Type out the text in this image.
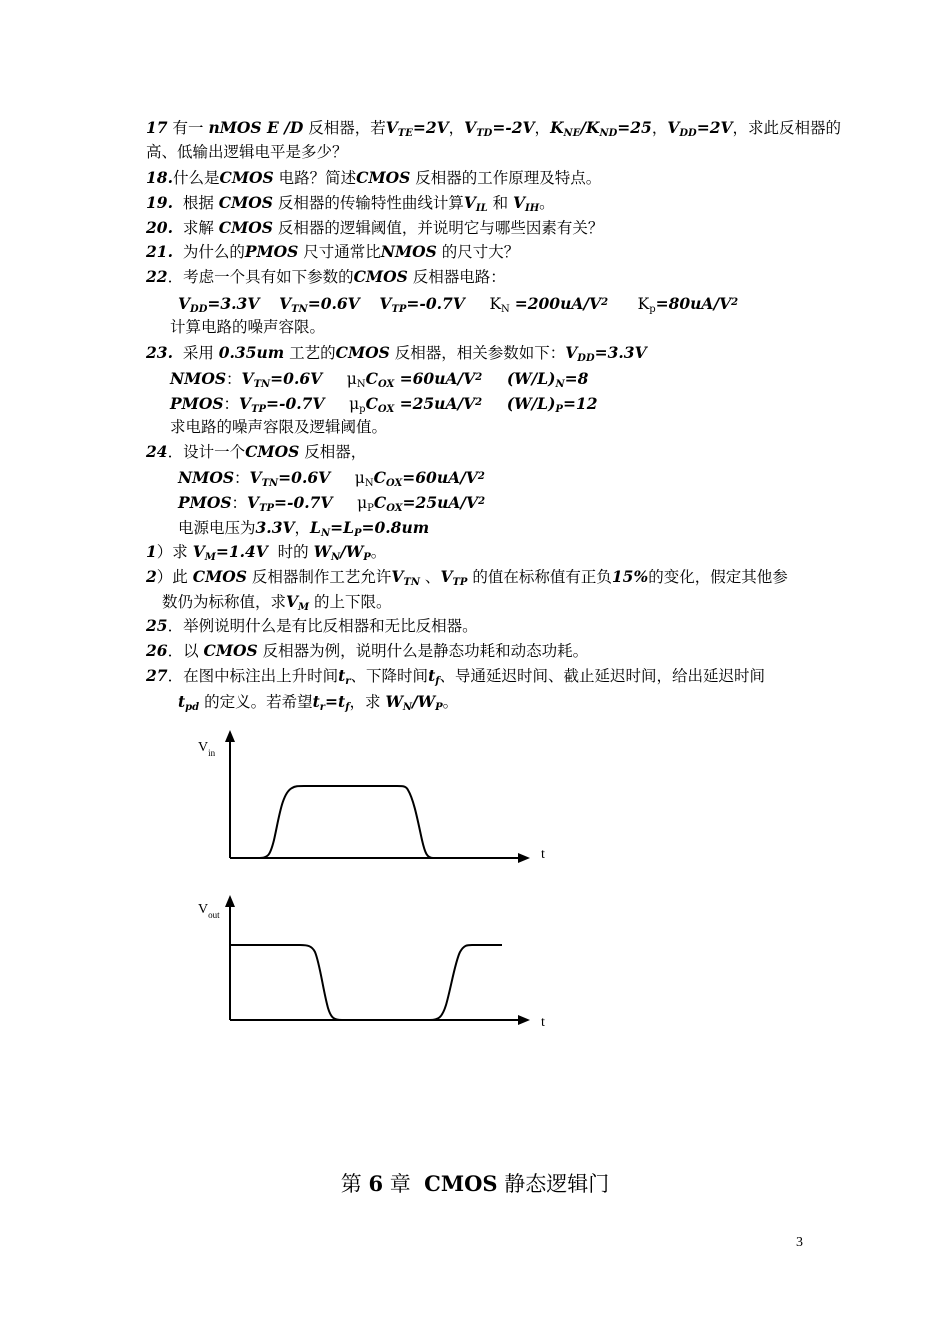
17 有一 nMOS E /D 反相器，若$V_{TE}=2V$，$V_{TD}=-2V$，$K_{NE}/K_{ND}=25$，$V_{DD}=2V$，求此反相器的
高、低输出逻辑电平是多少？
18.什么是CMOS 电路？简述CMOS 反相器的工作原理及特点。
19.  根据 CMOS 反相器的传输特性曲线计算$V_{IL}$ 和 $V_{IH}$。
20.  求解 CMOS 反相器的逻辑阈值，并说明它与哪些因素有关？
21.  为什么的PMOS 尺寸通常比NMOS 的尺寸大？
22．考虑一个具有如下参数的CMOS 反相器电路：
$V_{DD}=3.3V$ $V_{TN}=0.6V$ $V_{TP}=-0.7V$     $K_N =200uA/V^2$      $K_p=80uA/V^2$
计算电路的噪声容限。
23.  采用 0.35um 工艺的CMOS 反相器，相关参数如下：$V_{DD}=3.3V$
NMOS：$V_{TN}=0.6V$     $\mu_NC_{OX} =60uA/V^2$ $(W/L)_N=8$
PMOS：$V_{TP}=-0.7V$     $\mu_pC_{OX} =25uA/V^2$ $(W/L)_P=12$
求电路的噪声容限及逻辑阈值。
24．设计一个CMOS 反相器，
NMOS：$V_{TN}=0.6V$     $\mu_NC_{OX}=60uA/V^2$
PMOS：$V_{TP}=-0.7V$     $\mu_PC_{OX}=25uA/V^2$
电源电压为3.3V，$L_N=L_P=0.8um$
1）求 $V_M=1.4V$  时的 $W_N/W_P$。
2）此 CMOS 反相器制作工艺允许$V_{TN}$ 、$V_{TP}$ 的值在标称值有正负15%的变化，假定其他参
数仍为标称值，求$V_M$ 的上下限。
25．举例说明什么是有比反相器和无比反相器。
26．以 CMOS 反相器为例，说明什么是静态功耗和动态功耗。
27．在图中标注出上升时间$t_r$、下降时间$t_f$、导通延迟时间、截止延迟时间，给出延迟时间
$t_{pd}$ 的定义。若希望$t_r=t_f$，求 $W_N/W_P$。
$V_{in}$
t
$V_{out}$
t
第 6 章  CMOS 静态逻辑门
3
